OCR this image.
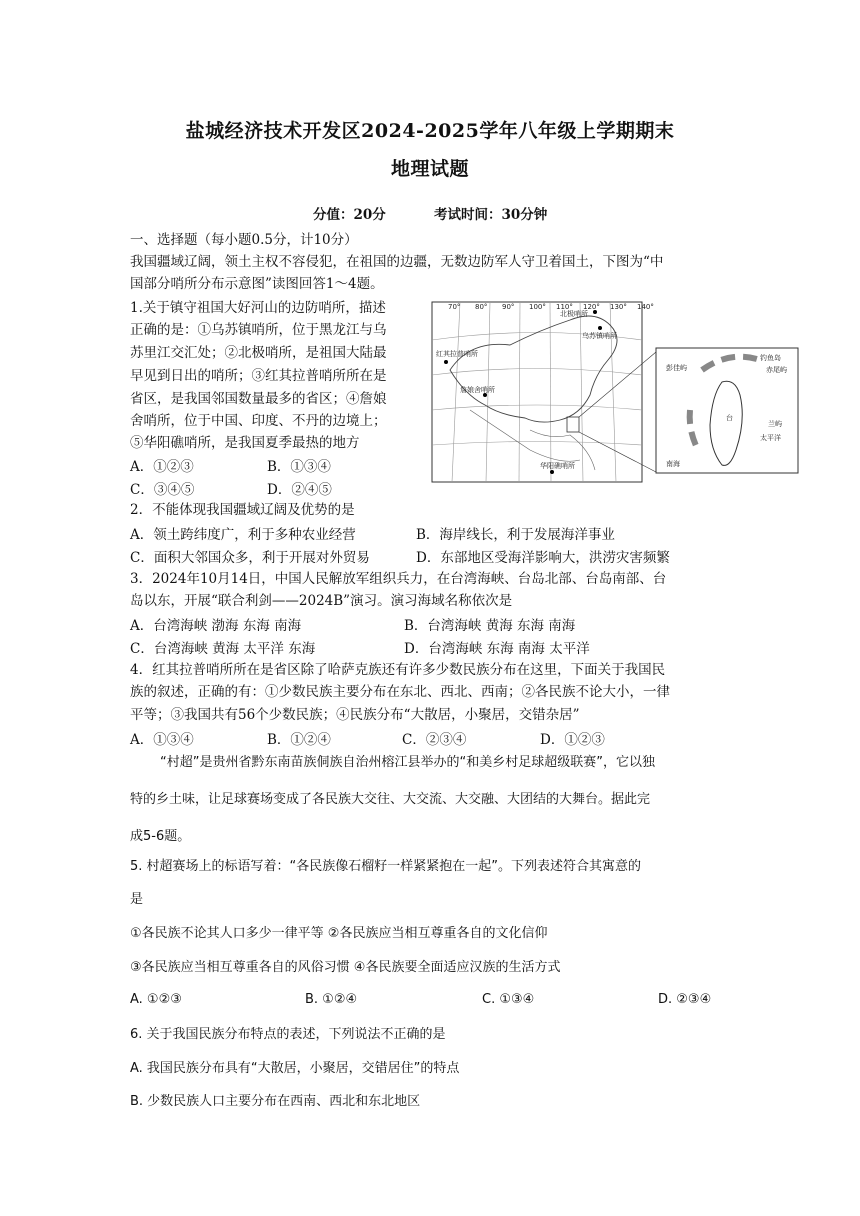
盐城经济技术开发区2024-2025学年八年级上学期期末
地理试题
分值：20分	考试时间：30分钟
一、选择题（每小题0.5分，计10分）
我国疆域辽阔，领土主权不容侵犯，在祖国的边疆，无数边防军人守卫着国土，下图为“中
国部分哨所分布示意图”读图回答1～4题。
1.关于镇守祖国大好河山的边防哨所，描述
正确的是：①乌苏镇哨所，位于黑龙江与乌
苏里江交汇处；②北极哨所，是祖国大陆最
早见到日出的哨所；③红其拉普哨所所在是
省区，是我国邻国数量最多的省区；④詹娘
舍哨所，位于中国、印度、不丹的边境上；
⑤华阳礁哨所，是我国夏季最热的地方
A．①②③	B．①③④
C．③④⑤	D．②④⑤
北极哨所
乌苏镇哨所
红其拉普哨所
詹娘舍哨所
华阳礁哨所
彭佳屿
钓鱼岛
赤尾屿
兰屿
太平洋
南海
台
70° 80° 90° 100° 110° 120° 130° 140°
2．不能体现我国疆域辽阔及优势的是
A．领土跨纬度广，利于多种农业经营	B．海岸线长，利于发展海洋事业
C．面积大邻国众多，利于开展对外贸易	D．东部地区受海洋影响大，洪涝灾害频繁
3．2024年10月14日，中国人民解放军组织兵力，在台湾海峡、台岛北部、台岛南部、台
岛以东，开展“联合利剑——2024B”演习。演习海域名称依次是
A．台湾海峡 渤海 东海 南海	B．台湾海峡 黄海 东海 南海
C．台湾海峡 黄海 太平洋 东海	D．台湾海峡 东海 南海 太平洋
4．红其拉普哨所所在是省区除了哈萨克族还有许多少数民族分布在这里，下面关于我国民
族的叙述，正确的有：①少数民族主要分布在东北、西北、西南；②各民族不论大小，一律
平等；③我国共有56个少数民族；④民族分布“大散居，小聚居，交错杂居”
A．①③④	B．①②④	C．②③④	D．①②③
“村超”是贵州省黔东南苗族侗族自治州榕江县举办的“和美乡村足球超级联赛”，它以独
特的乡土味，让足球赛场变成了各民族大交往、大交流、大交融、大团结的大舞台。据此完
成5-6题。
5. 村超赛场上的标语写着：“各民族像石榴籽一样紧紧抱在一起”。下列表述符合其寓意的
是
①各民族不论其人口多少一律平等 ②各民族应当相互尊重各自的文化信仰
③各民族应当相互尊重各自的风俗习惯 ④各民族要全面适应汉族的生活方式
A. ①②③	B. ①②④	C. ①③④	D. ②③④
6. 关于我国民族分布特点的表述，下列说法不正确的是
A. 我国民族分布具有“大散居，小聚居，交错居住”的特点
B. 少数民族人口主要分布在西南、西北和东北地区
